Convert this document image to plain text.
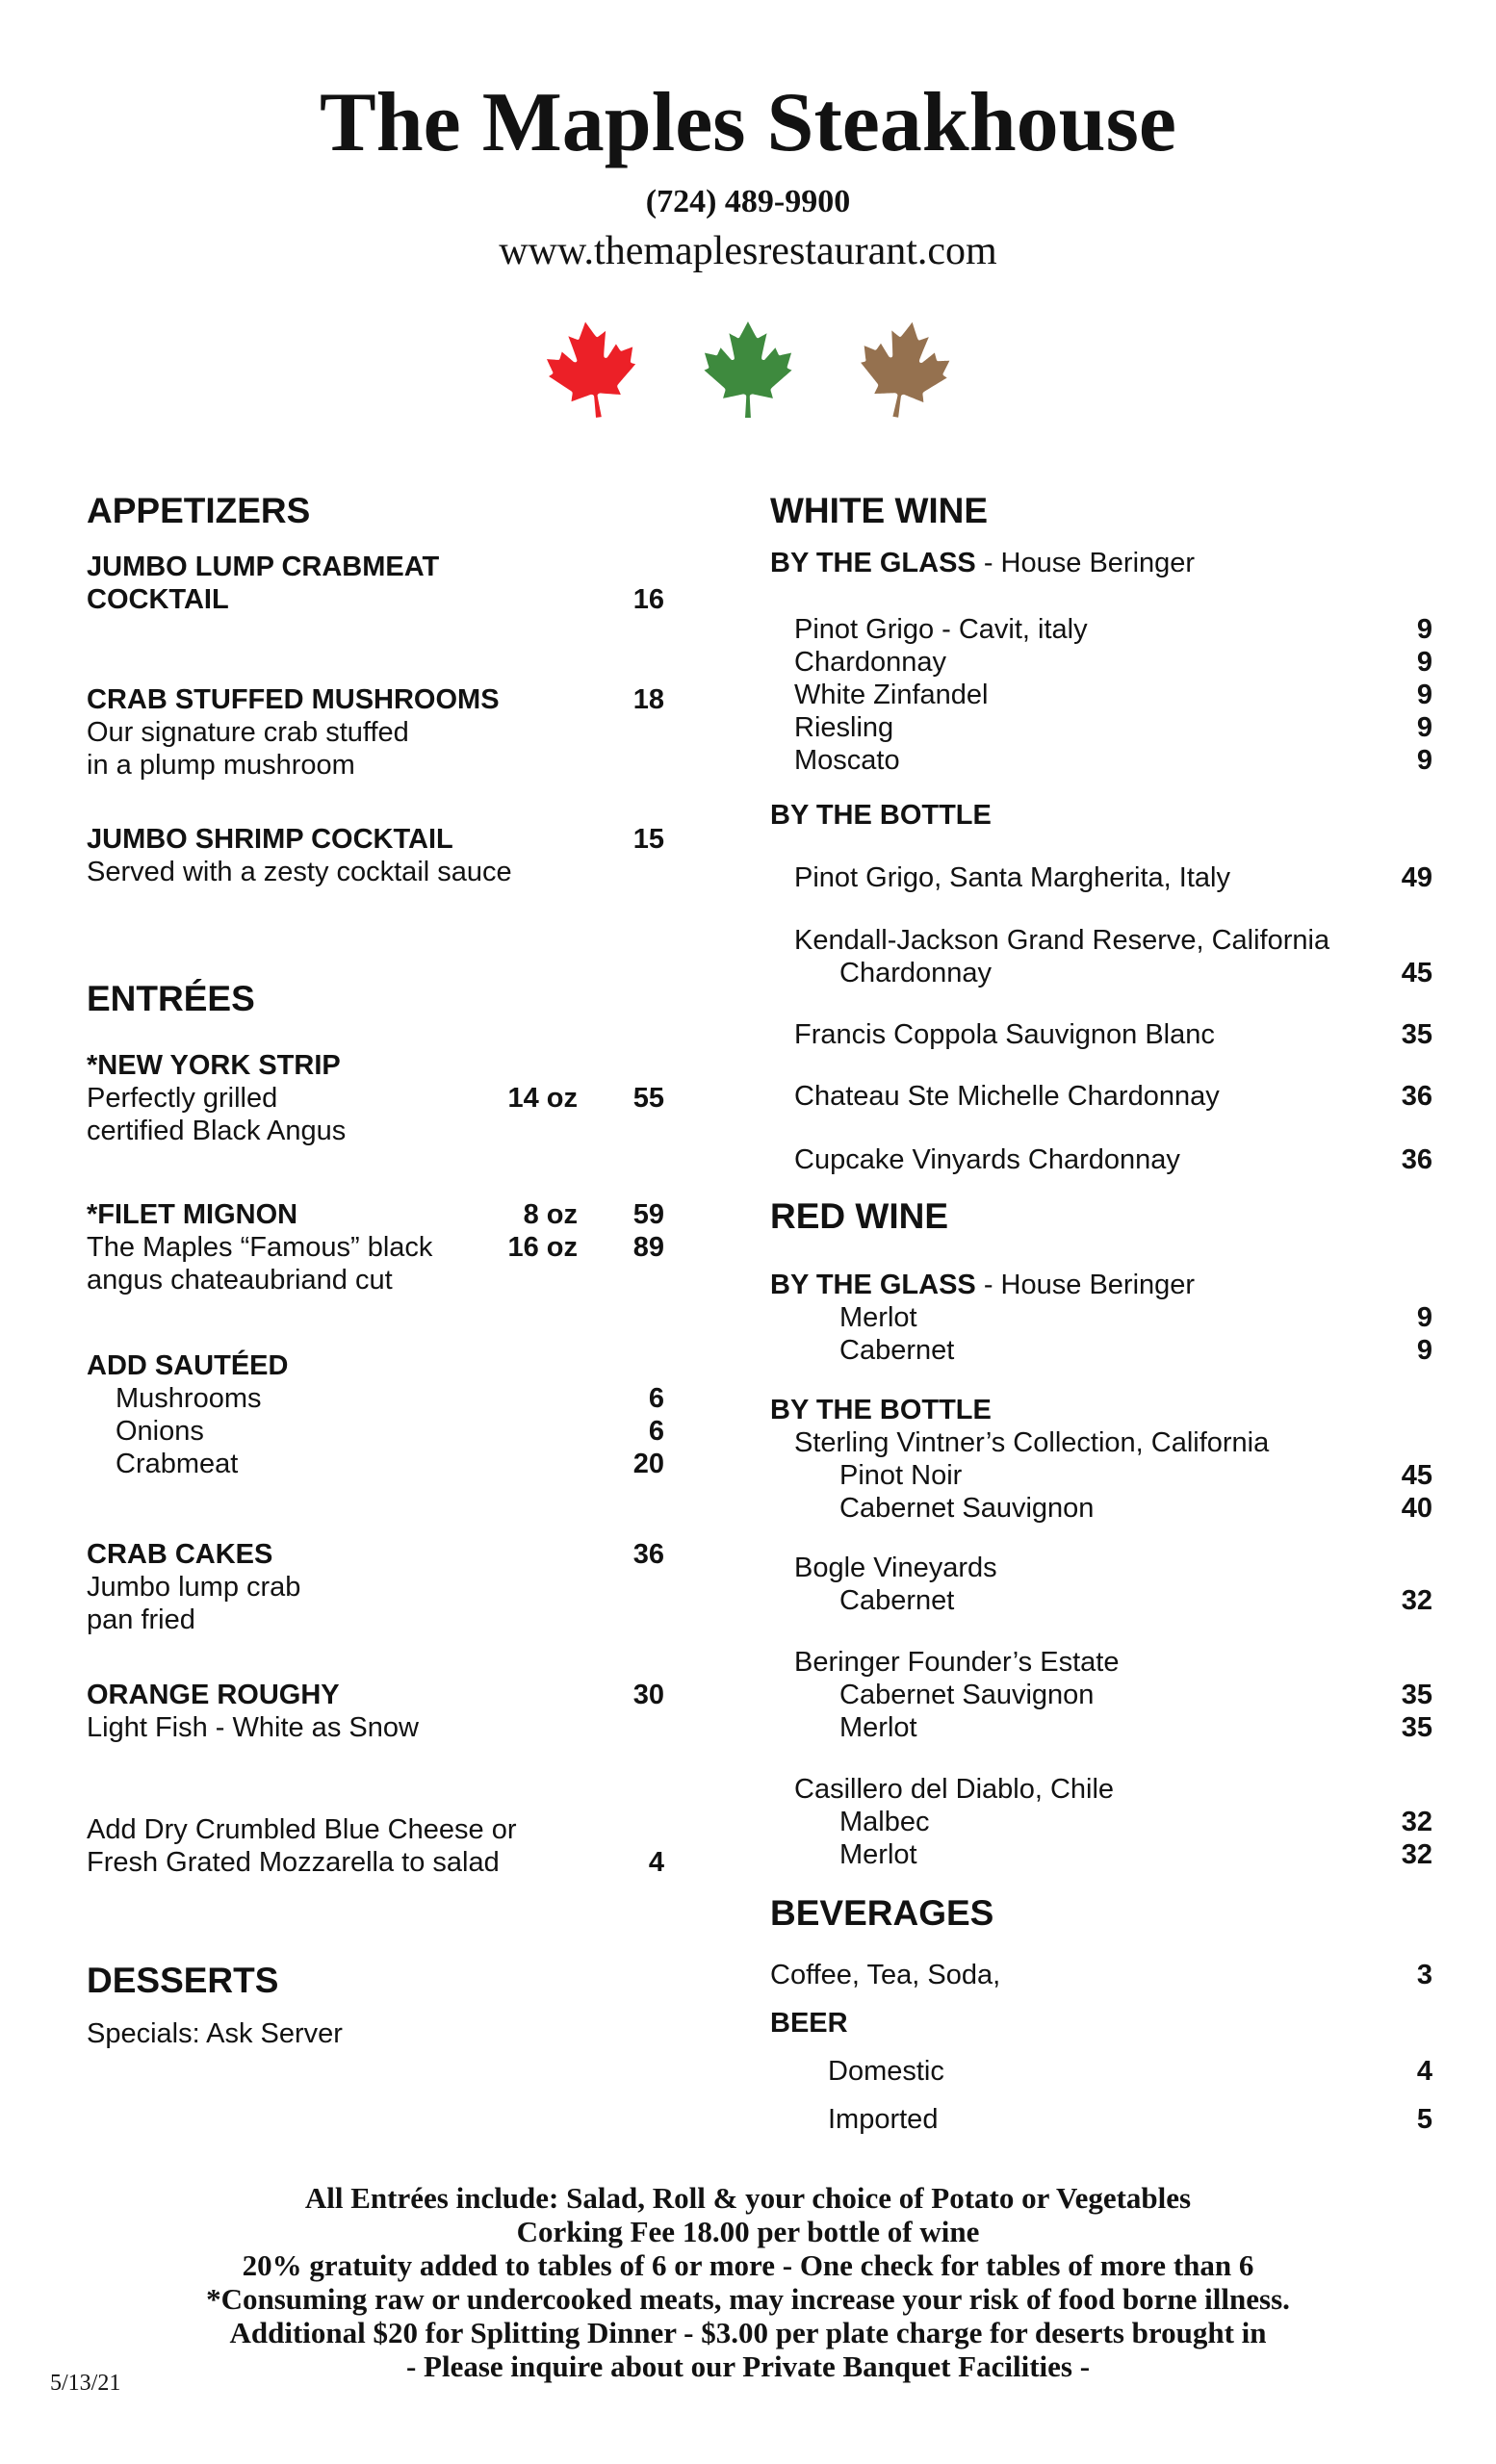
The Maples Steakhouse
(724) 489-9900
www.themaplesrestaurant.com
APPETIZERS
JUMBO LUMP CRABMEAT
COCKTAIL	16
CRAB STUFFED MUSHROOMS	18
Our signature crab stuffed
in a plump mushroom
JUMBO SHRIMP COCKTAIL	15
Served with a zesty cocktail sauce
ENTRÉES
*NEW YORK STRIP
Perfectly grilled	14 oz	55
certified Black Angus
*FILET MIGNON	8 oz	59
The Maples “Famous” black	16 oz	89
angus chateaubriand cut
ADD SAUTÉED
Mushrooms	6
Onions	6
Crabmeat	20
CRAB CAKES	36
Jumbo lump crab
pan fried
ORANGE ROUGHY	30
Light Fish - White as Snow
Add Dry Crumbled Blue Cheese or
Fresh Grated Mozzarella to salad	4
DESSERTS
Specials: Ask Server
WHITE WINE
BY THE GLASS - House Beringer
Pinot Grigo - Cavit, italy	9
Chardonnay	9
White Zinfandel	9
Riesling	9
Moscato	9
BY THE BOTTLE
Pinot Grigo, Santa Margherita, Italy	49
Kendall-Jackson Grand Reserve, California
Chardonnay	45
Francis Coppola Sauvignon Blanc	35
Chateau Ste Michelle Chardonnay	36
Cupcake Vinyards Chardonnay	36
RED WINE
BY THE GLASS - House Beringer
Merlot	9
Cabernet	9
BY THE BOTTLE
Sterling Vintner’s Collection, California
Pinot Noir	45
Cabernet Sauvignon	40
Bogle Vineyards
Cabernet	32
Beringer Founder’s Estate
Cabernet Sauvignon	35
Merlot	35
Casillero del Diablo, Chile
Malbec	32
Merlot	32
BEVERAGES
Coffee, Tea, Soda,	3
BEER
Domestic	4
Imported	5
All Entrées include: Salad, Roll & your choice of Potato or Vegetables
Corking Fee 18.00 per bottle of wine
20% gratuity added to tables of 6 or more - One check for tables of more than 6
*Consuming raw or undercooked meats, may increase your risk of food borne illness.
Additional $20 for Splitting Dinner - $3.00 per plate charge for deserts brought in
- Please inquire about our Private Banquet Facilities -
5/13/21
